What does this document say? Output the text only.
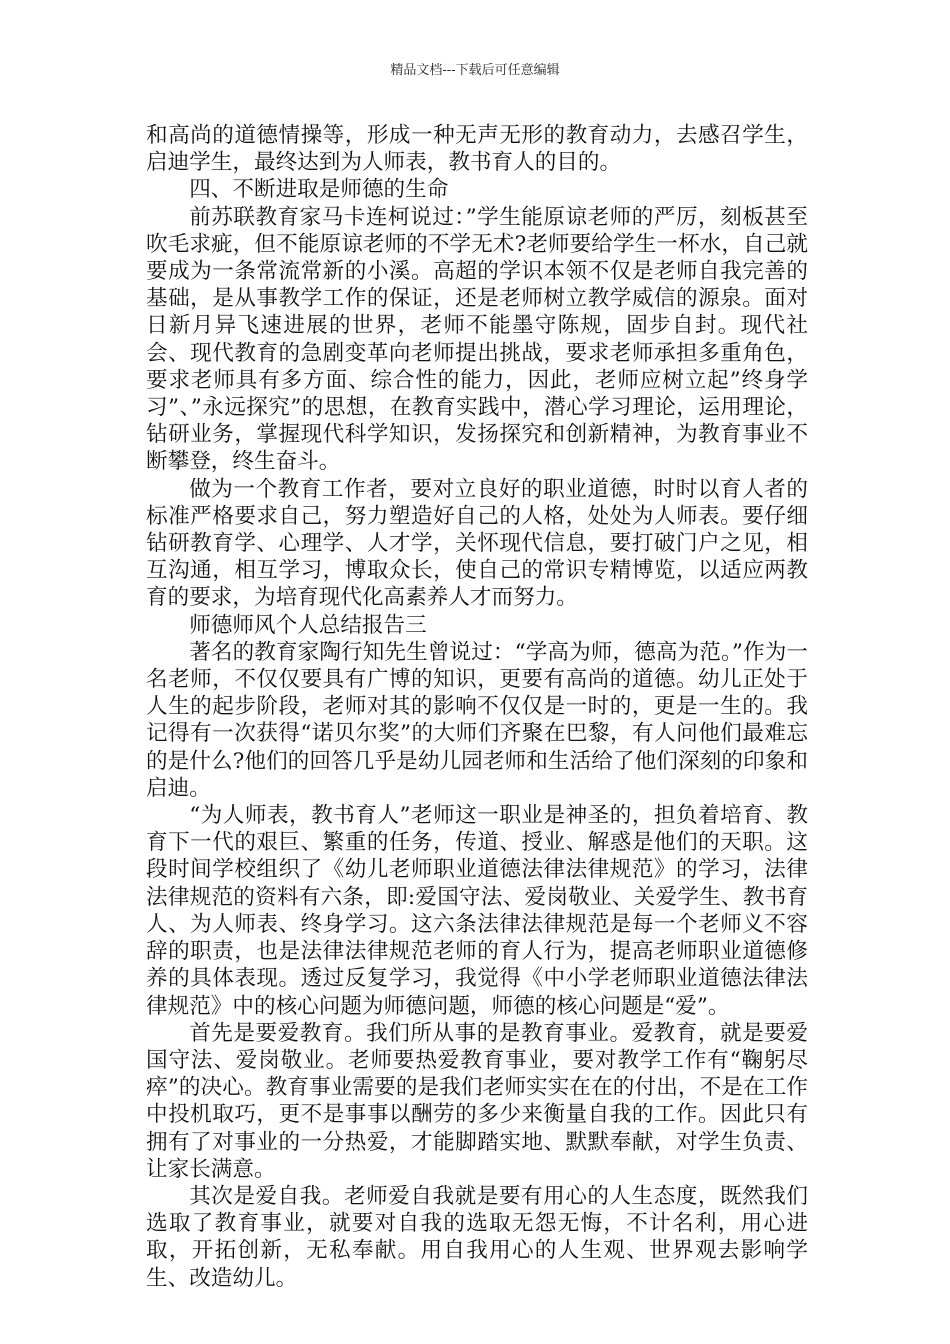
精品文档---下载后可任意编辑

和高尚的道德情操等，形成一种无声无形的教育动力，去感召学生，启迪学生，最终达到为人师表，教书育人的目的。

四、不断进取是师德的生命

前苏联教育家马卡连柯说过：”学生能原谅老师的严厉，刻板甚至吹毛求疵，但不能原谅老师的不学无术?老师要给学生一杯水，自己就要成为一条常流常新的小溪。高超的学识本领不仅是老师自我完善的基础，是从事教学工作的保证，还是老师树立教学威信的源泉。面对日新月异飞速进展的世界，老师不能墨守陈规，固步自封。现代社会、现代教育的急剧变革向老师提出挑战，要求老师承担多重角色，要求老师具有多方面、综合性的能力，因此，老师应树立起”终身学习”、”永远探究”的思想，在教育实践中，潜心学习理论，运用理论，钻研业务，掌握现代科学知识，发扬探究和创新精神，为教育事业不断攀登，终生奋斗。

做为一个教育工作者，要对立良好的职业道德，时时以育人者的标准严格要求自己，努力塑造好自己的人格，处处为人师表。要仔细钻研教育学、心理学、人才学，关怀现代信息，要打破门户之见，相互沟通，相互学习，博取众长，使自己的常识专精博览，以适应两教育的要求，为培育现代化高素养人才而努力。

师德师风个人总结报告三

著名的教育家陶行知先生曾说过：“学高为师，德高为范。”作为一名老师，不仅仅要具有广博的知识，更要有高尚的道德。幼儿正处于人生的起步阶段，老师对其的影响不仅仅是一时的，更是一生的。我记得有一次获得“诺贝尔奖”的大师们齐聚在巴黎，有人问他们最难忘的是什么?他们的回答几乎是幼儿园老师和生活给了他们深刻的印象和启迪。

“为人师表，教书育人”老师这一职业是神圣的，担负着培育、教育下一代的艰巨、繁重的任务，传道、授业、解惑是他们的天职。这段时间学校组织了《幼儿老师职业道德法律法律规范》的学习，法律法律规范的资料有六条，即:爱国守法、爱岗敬业、关爱学生、教书育人、为人师表、终身学习。这六条法律法律规范是每一个老师义不容辞的职责，也是法律法律规范老师的育人行为，提高老师职业道德修养的具体表现。透过反复学习，我觉得《中小学老师职业道德法律法律规范》中的核心问题为师德问题，师德的核心问题是“爱”。

首先是要爱教育。我们所从事的是教育事业。爱教育，就是要爱国守法、爱岗敬业。老师要热爱教育事业，要对教学工作有“鞠躬尽瘁”的决心。教育事业需要的是我们老师实实在在的付出，不是在工作中投机取巧，更不是事事以酬劳的多少来衡量自我的工作。因此只有拥有了对事业的一分热爱，才能脚踏实地、默默奉献，对学生负责、让家长满意。

其次是爱自我。老师爱自我就是要有用心的人生态度，既然我们选取了教育事业，就要对自我的选取无怨无悔，不计名利，用心进取，开拓创新，无私奉献。用自我用心的人生观、世界观去影响学生、改造幼儿。
